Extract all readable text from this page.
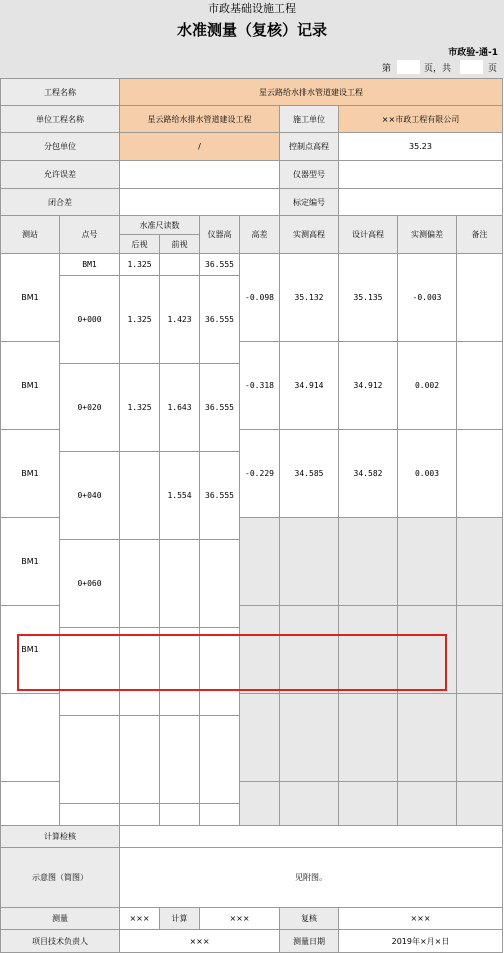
市政基础设施工程
水准测量（复核）记录
市政验-通-1
第	页，共	页
工程名称		星云路给水排水管道建设工程							
单位工程名称		星云路给水排水管道建设工程				施工单位	××市政工程有限公司		
分包单位		/				控制点高程	35.23		
允许误差						仪器型号			
闭合差						标定编号			
测站	点号	水准尺读数		仪器高	高差	实测高程	设计高程	实测偏差	备注
		后视	前视						
BM1	BM1	1.325		36.555	-0.098	35.132	35.135	-0.003	
	0+000	1.325	1.423	36.555					

BM1					-0.318	34.914	34.912	0.002	
	0+020	1.325	1.643	36.555					

BM1					-0.229	34.585	34.582	0.003	
	0+040		1.554	36.555					

BM1									
	0+060								

BM1									

计算检核									
示意图（简图）		见附图。							
测量		×××	计算	×××		复核	×××		
项目技术负责人		×××				测量日期	2019年×月×日		
